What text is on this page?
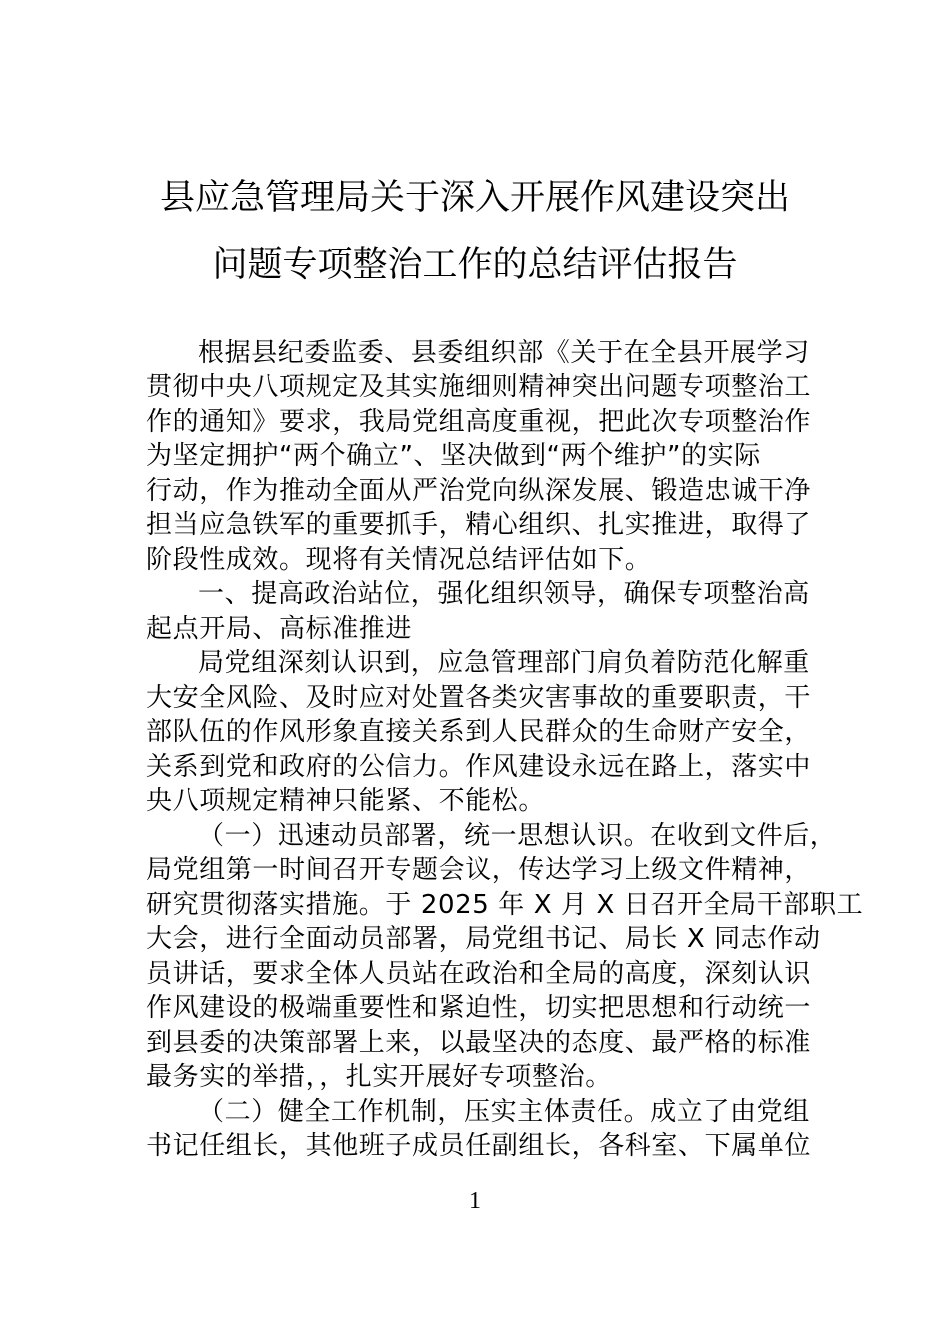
县应急管理局关于深入开展作风建设突出
问题专项整治工作的总结评估报告
根据县纪委监委、县委组织部《关于在全县开展学习
贯彻中央八项规定及其实施细则精神突出问题专项整治工
作的通知》要求，我局党组高度重视，把此次专项整治作
为坚定拥护“两个确立”、坚决做到“两个维护”的实际
行动，作为推动全面从严治党向纵深发展、锻造忠诚干净
担当应急铁军的重要抓手，精心组织、扎实推进，取得了
阶段性成效。现将有关情况总结评估如下。
一、提高政治站位，强化组织领导，确保专项整治高
起点开局、高标准推进
局党组深刻认识到，应急管理部门肩负着防范化解重
大安全风险、及时应对处置各类灾害事故的重要职责，干
部队伍的作风形象直接关系到人民群众的生命财产安全，
关系到党和政府的公信力。作风建设永远在路上，落实中
央八项规定精神只能紧、不能松。
（一）迅速动员部署，统一思想认识。在收到文件后，
局党组第一时间召开专题会议，传达学习上级文件精神，
研究贯彻落实措施。于 2025 年 X 月 X 日召开全局干部职工
大会，进行全面动员部署，局党组书记、局长 X 同志作动
员讲话，要求全体人员站在政治和全局的高度，深刻认识
作风建设的极端重要性和紧迫性，切实把思想和行动统一
到县委的决策部署上来，以最坚决的态度、最严格的标准
最务实的举措，，扎实开展好专项整治。
（二）健全工作机制，压实主体责任。成立了由党组
书记任组长，其他班子成员任副组长，各科室、下属单位
1
